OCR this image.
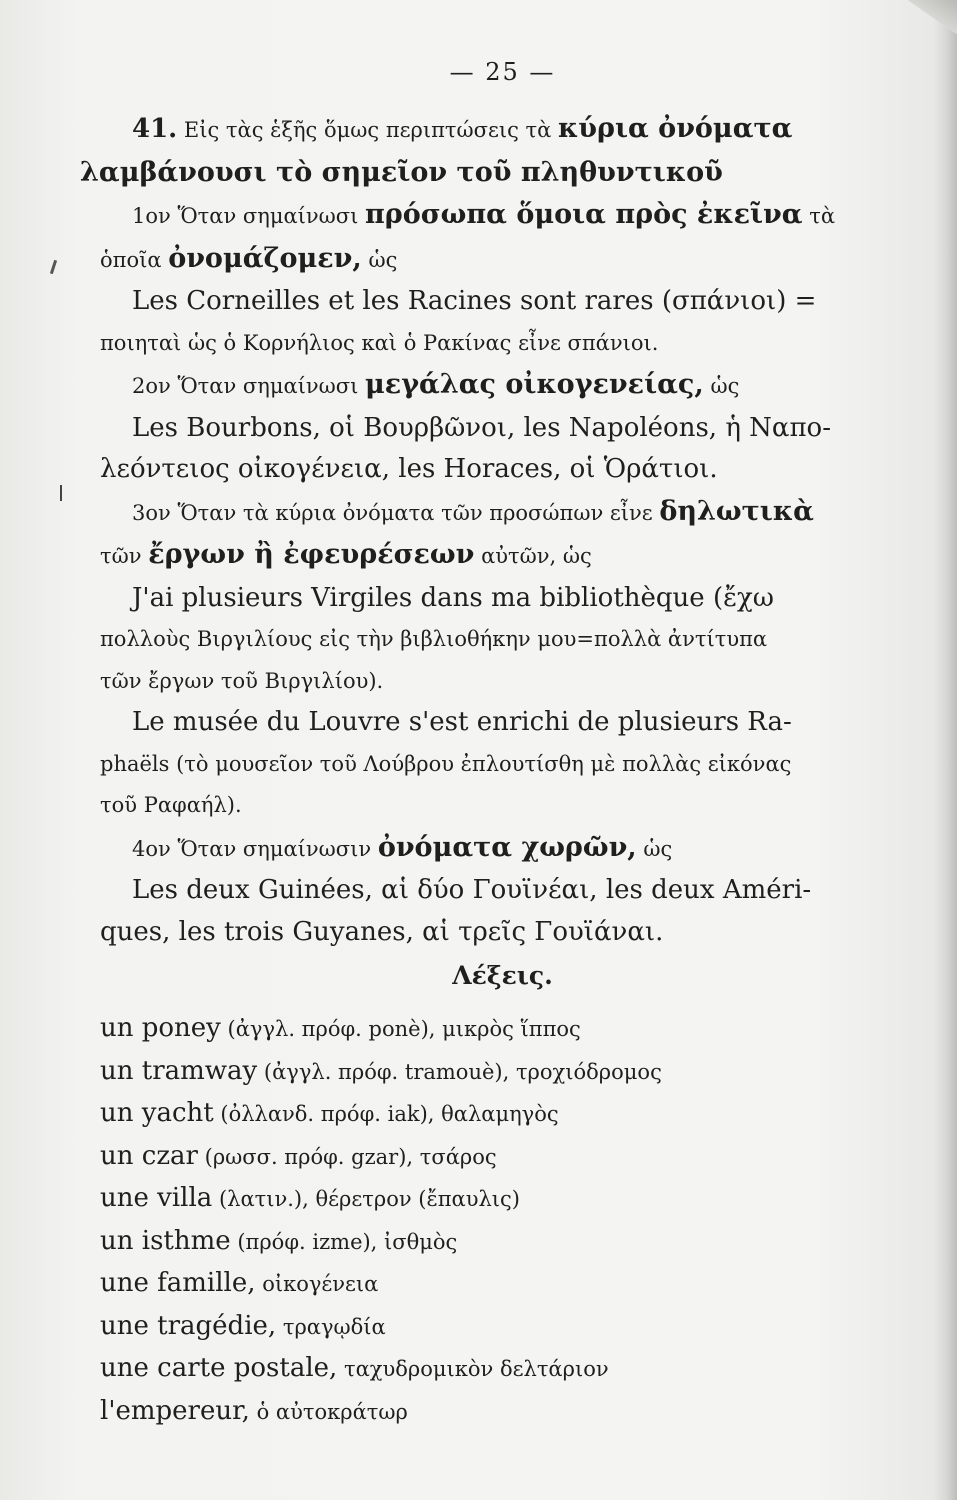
— 25 —
41. Εἰς τὰς ἑξῆς ὅμως περιπτώσεις τὰ κύρια ὀνόματα
λαμβάνουσι τὸ σημεῖον τοῦ πληθυντικοῦ
1ον Ὅταν σημαίνωσι πρόσωπα ὅμοια πρὸς ἐκεῖνα τὰ
ὁποῖα ὀνομάζομεν, ὡς
Les Corneilles et les Racines sont rares (σπάνιοι) =
ποιηταὶ ὡς ὁ Κορνήλιος καὶ ὁ Ρακίνας εἶνε σπάνιοι.
2ον Ὅταν σημαίνωσι μεγάλας οἰκογενείας, ὡς
Les Bourbons, οἱ Βουρβῶνοι, les Napoléons, ἡ Ναπο-
λεόντειος οἰκογένεια, les Horaces, οἱ Ὁράτιοι.
3ον Ὅταν τὰ κύρια ὀνόματα τῶν προσώπων εἶνε δηλωτικὰ
τῶν ἔργων ἢ ἐφευρέσεων αὐτῶν, ὡς
J'ai plusieurs Virgiles dans ma bibliothèque (ἔχω
πολλοὺς Βιργιλίους εἰς τὴν βιβλιοθήκην μου=πολλὰ ἀντίτυπα
τῶν ἔργων τοῦ Βιργιλίου).
Le musée du Louvre s'est enrichi de plusieurs Ra-
phaëls (τὸ μουσεῖον τοῦ Λούβρου ἐπλουτίσθη μὲ πολλὰς εἰκόνας
τοῦ Ραφαήλ).
4ον Ὅταν σημαίνωσιν ὀνόματα χωρῶν, ὡς
Les deux Guinées, αἱ δύο Γουϊνέαι, les deux Améri-
ques, les trois Guyanes, αἱ τρεῖς Γουϊάναι.
Λέξεις.
un poney (ἀγγλ. πρόφ. ponè), μικρὸς ἵππος
un tramway (ἀγγλ. πρόφ. tramouè), τροχιόδρομος
un yacht (ὀλλανδ. πρόφ. iak), θαλαμηγὸς
un czar (ρωσσ. πρόφ. gzar), τσάρος
une villa (λατιν.), θέρετρον (ἔπαυλις)
un isthme (πρόφ. izme), ἰσθμὸς
une famille, οἰκογένεια
une tragédie, τραγῳδία
une carte postale, ταχυδρομικὸν δελτάριον
l'empereur, ὁ αὐτοκράτωρ
